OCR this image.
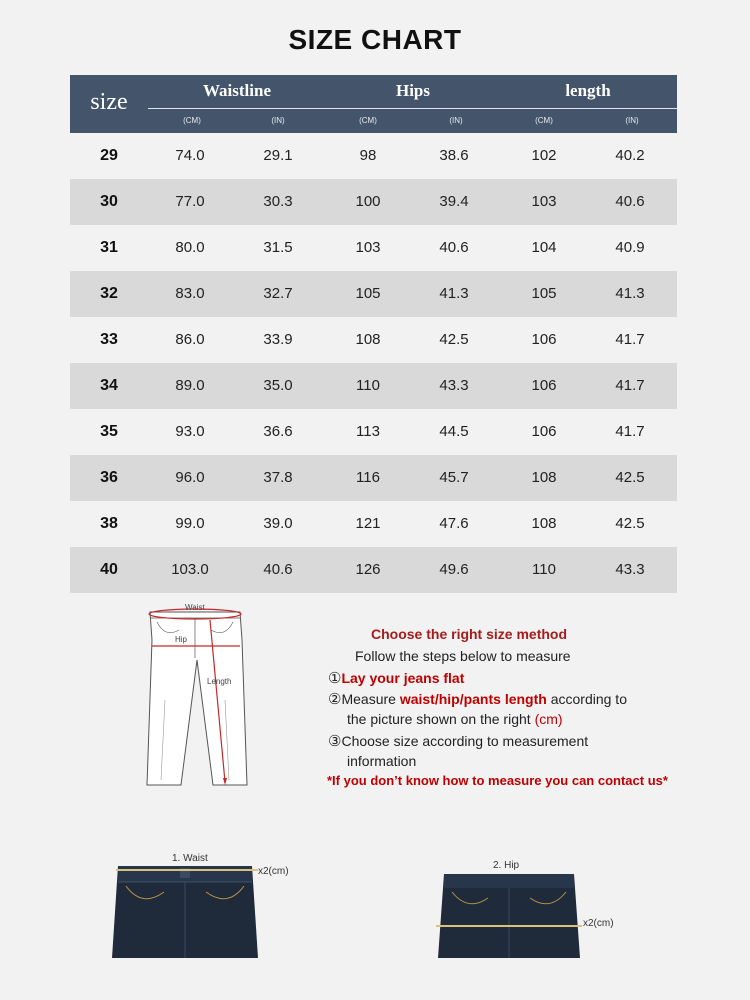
SIZE CHART
size	Waistline	Hips	length
(CM)	(IN)	(CM)	(IN)	(CM)	(IN)
29	74.0	29.1	98	38.6	102	40.2
30	77.0	30.3	100	39.4	103	40.6
31	80.0	31.5	103	40.6	104	40.9
32	83.0	32.7	105	41.3	105	41.3
33	86.0	33.9	108	42.5	106	41.7
34	89.0	35.0	110	43.3	106	41.7
35	93.0	36.6	113	44.5	106	41.7
36	96.0	37.8	116	45.7	108	42.5
38	99.0	39.0	121	47.6	108	42.5
40	103.0	40.6	126	49.6	110	43.3
Waist
Hip
Length
Choose the right size method
Follow the steps below to measure
①Lay your jeans flat
②Measure waist/hip/pants length according to
the picture shown on the right (cm)
③Choose size according to measurement
information
*If you don’t know how to measure you can contact us*
1. Waist
x2(cm)
2. Hip
x2(cm)
